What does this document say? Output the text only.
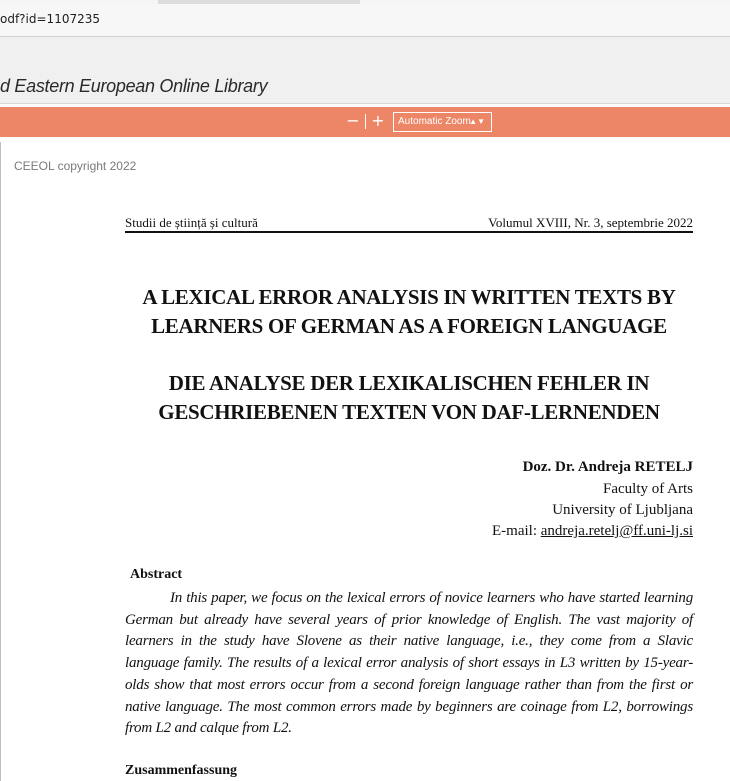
odf?id=1107235
d Eastern European Online Library
− +	Automatic Zoom
▲▼
CEEOL copyright 2022
Studii de știință și cultură	Volumul XVIII, Nr. 3, septembrie 2022
A LEXICAL ERROR ANALYSIS IN WRITTEN TEXTS BY
LEARNERS OF GERMAN AS A FOREIGN LANGUAGE
DIE ANALYSE DER LEXIKALISCHEN FEHLER IN
GESCHRIEBENEN TEXTEN VON DAF-LERNENDEN
Doz. Dr. Andreja RETELJ
Faculty of Arts
University of Ljubljana
E-mail: andreja.retelj@ff.uni-lj.si
Abstract
In this paper, we focus on the lexical errors of novice learners who have started learning German but already have several years of prior knowledge of English. The vast majority of learners in the study have Slovene as their native language, i.e., they come from a Slavic language family. The results of a lexical error analysis of short essays in L3 written by 15-year-olds show that most errors occur from a second foreign language rather than from the first or native language. The most common errors made by beginners are coinage from L2, borrowings from L2 and calque from L2.
Zusammenfassung
